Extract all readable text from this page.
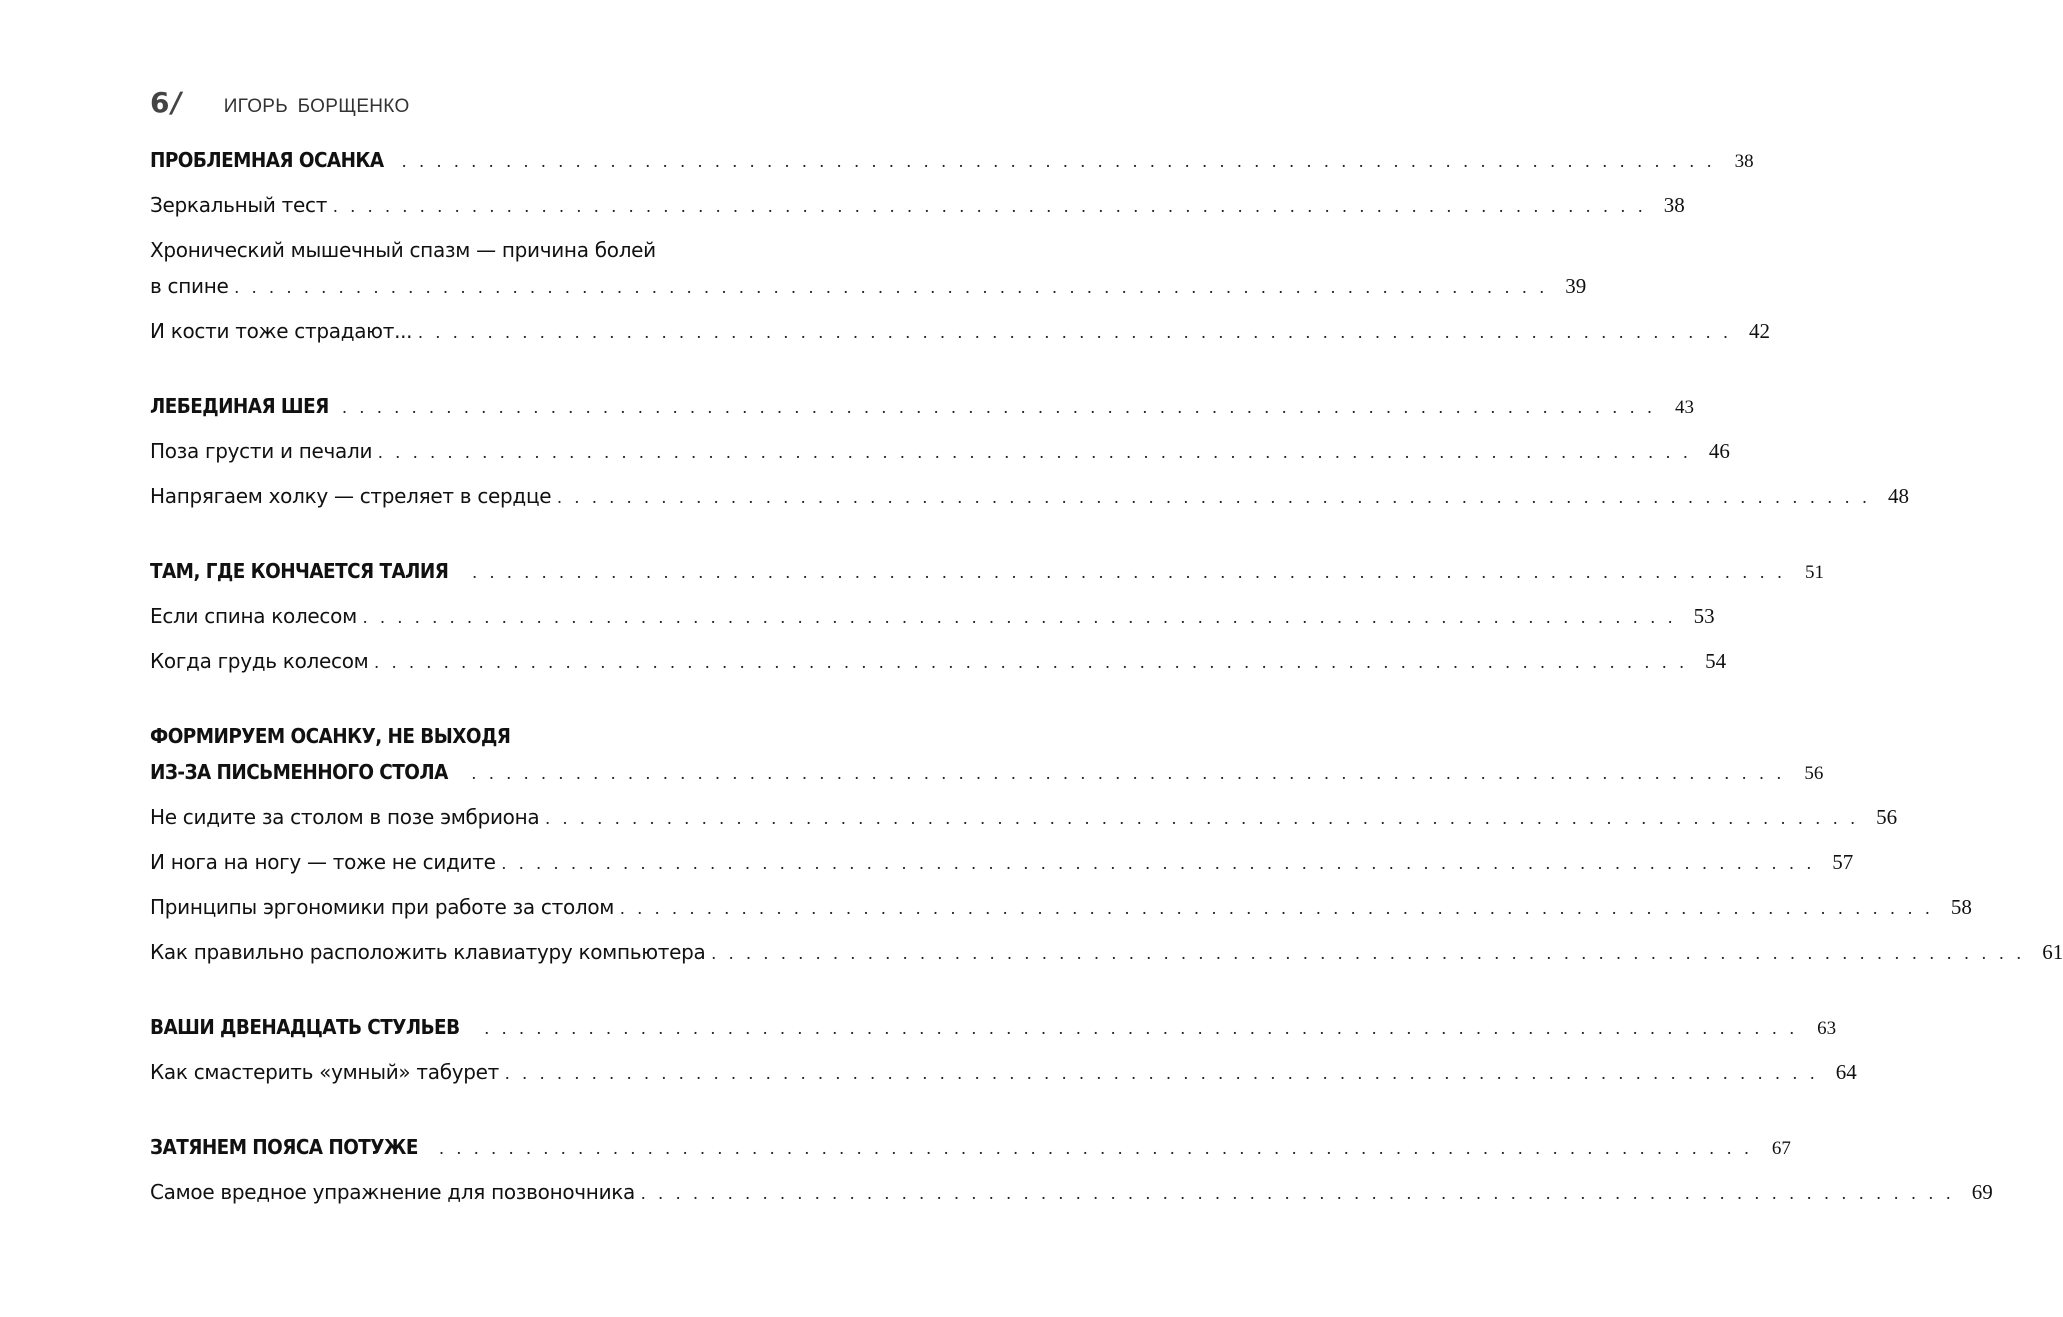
6 / ИГОРЬ БОРЩЕНКО
ПРОБЛЕМНАЯ ОСАНКА	. . . . . . . . . . . . . . . . . . . . . . . . . . . . . . . . . . . . . . . . . . . . . . . . . . . . . . . . . . . . . . . . . . . . . . . . . . . .	38
Зеркальный тест . . . . . . . . . . . . . . . . . . . . . . . . . . . . . . . . . . . . . . . . . . . . . . . . . . . . . . . . . . . . . . . . . . . . . . . . . . . . 38
Хронический мышечный спазм — причина болей
в спине . . . . . . . . . . . . . . . . . . . . . . . . . . . . . . . . . . . . . . . . . . . . . . . . . . . . . . . . . . . . . . . . . . . . . . . . . . . . 39
И кости тоже страдают... . . . . . . . . . . . . . . . . . . . . . . . . . . . . . . . . . . . . . . . . . . . . . . . . . . . . . . . . . . . . . . . . . . . . . . . . . . . . 42
ЛЕБЕДИНАЯ ШЕЯ . . . . . . . . . . . . . . . . . . . . . . . . . . . . . . . . . . . . . . . . . . . . . . . . . . . . . . . . . . . . . . . . . . . . . . . . . . . .	43
Поза грусти и печали . . . . . . . . . . . . . . . . . . . . . . . . . . . . . . . . . . . . . . . . . . . . . . . . . . . . . . . . . . . . . . . . . . . . . . . . . . . . 46
Напрягаем холку — стреляет в сердце . . . . . . . . . . . . . . . . . . . . . . . . . . . . . . . . . . . . . . . . . . . . . . . . . . . . . . . . . . . . . . . . . . . . . . . . . . . . 48
ТАМ, ГДЕ КОНЧАЕТСЯ ТАЛИЯ	. . . . . . . . . . . . . . . . . . . . . . . . . . . . . . . . . . . . . . . . . . . . . . . . . . . . . . . . . . . . . . . . . . . . . . . . . . . .	51
Если спина колесом . . . . . . . . . . . . . . . . . . . . . . . . . . . . . . . . . . . . . . . . . . . . . . . . . . . . . . . . . . . . . . . . . . . . . . . . . . . . 53
Когда грудь колесом . . . . . . . . . . . . . . . . . . . . . . . . . . . . . . . . . . . . . . . . . . . . . . . . . . . . . . . . . . . . . . . . . . . . . . . . . . . . 54
ФОРМИРУЕМ ОСАНКУ, НЕ ВЫХОДЯ
ИЗ-ЗА ПИСЬМЕННОГО СТОЛА	. . . . . . . . . . . . . . . . . . . . . . . . . . . . . . . . . . . . . . . . . . . . . . . . . . . . . . . . . . . . . . . . . . . . . . . . . . . .	56
Не сидите за столом в позе эмбриона . . . . . . . . . . . . . . . . . . . . . . . . . . . . . . . . . . . . . . . . . . . . . . . . . . . . . . . . . . . . . . . . . . . . . . . . . . . . 56
И нога на ногу — тоже не сидите . . . . . . . . . . . . . . . . . . . . . . . . . . . . . . . . . . . . . . . . . . . . . . . . . . . . . . . . . . . . . . . . . . . . . . . . . . . . 57
Принципы эргономики при работе за столом . . . . . . . . . . . . . . . . . . . . . . . . . . . . . . . . . . . . . . . . . . . . . . . . . . . . . . . . . . . . . . . . . . . . . . . . . . . . 58
Как правильно расположить клавиатуру компьютера . . . . . . . . . . . . . . . . . . . . . . . . . . . . . . . . . . . . . . . . . . . . . . . . . . . . . . . . . . . . . . . . . . . . . . . . . . . . 61
ВАШИ ДВЕНАДЦАТЬ СТУЛЬЕВ	. . . . . . . . . . . . . . . . . . . . . . . . . . . . . . . . . . . . . . . . . . . . . . . . . . . . . . . . . . . . . . . . . . . . . . . . . . . .	63
Как смастерить «умный» табурет . . . . . . . . . . . . . . . . . . . . . . . . . . . . . . . . . . . . . . . . . . . . . . . . . . . . . . . . . . . . . . . . . . . . . . . . . . . . 64
ЗАТЯНЕМ ПОЯСА ПОТУЖЕ	. . . . . . . . . . . . . . . . . . . . . . . . . . . . . . . . . . . . . . . . . . . . . . . . . . . . . . . . . . . . . . . . . . . . . . . . . . . .	67
Самое вредное упражнение для позвоночника . . . . . . . . . . . . . . . . . . . . . . . . . . . . . . . . . . . . . . . . . . . . . . . . . . . . . . . . . . . . . . . . . . . . . . . . . . . . 69
